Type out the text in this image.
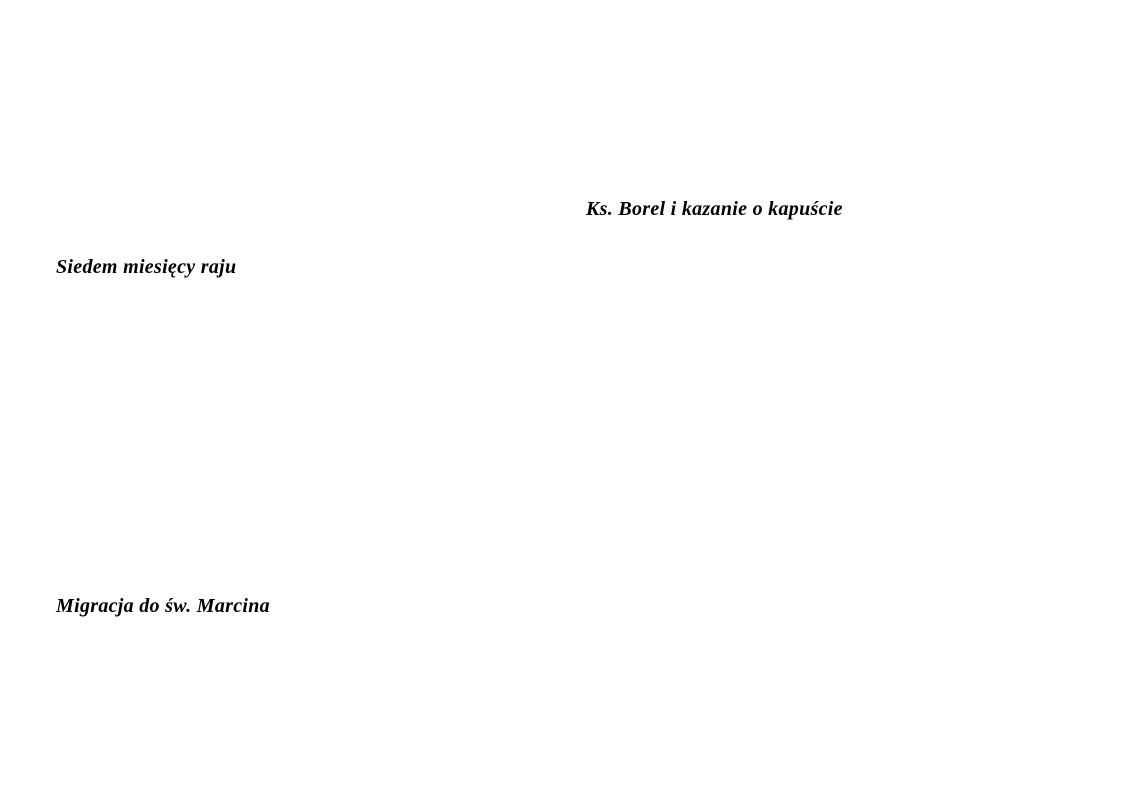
Ks. Borel i kazanie o kapuście
Siedem miesięcy raju
Migracja do św. Marcina
